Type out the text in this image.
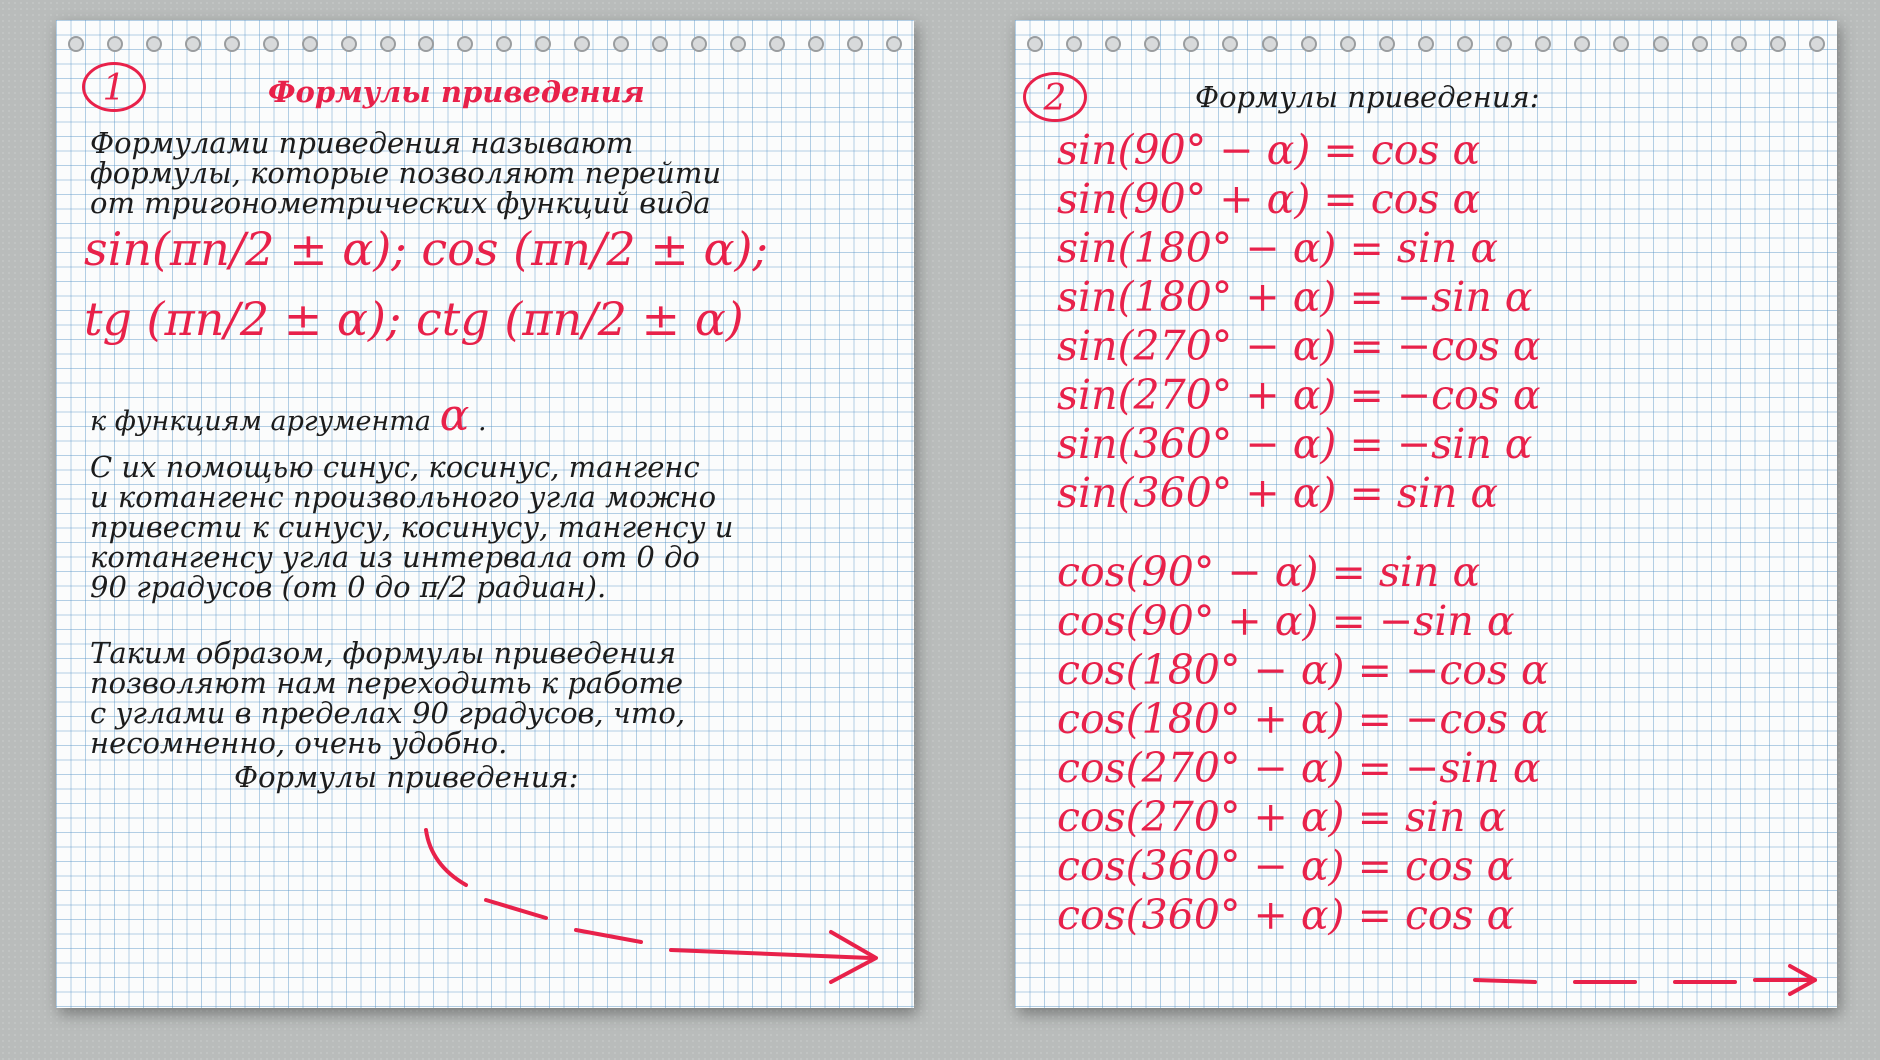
1	Формулы приведения

Формулами приведения называют

формулы, которые позволяют перейти

от тригонометрических функций вида

sin(πn/2 ± α); cos (πn/2 ± α);
tg (πn/2 ± α); ctg (πn/2 ± α)
к функциям аргумента α .

С их помощью синус, косинус, тангенс

и котангенс произвольного угла можно

привести к синусу, косинусу, тангенсу и

котангенсу угла из интервала от 0 до

90 градусов (от 0 до π/2 радиан).

Таким образом, формулы приведения

позволяют нам переходить к работе

с углами в пределах 90 градусов, что,

несомненно, очень удобно.

Формулы приведения:
2	Формулы приведения:
sin(90° − α) = cos α
sin(90° + α) = cos α
sin(180° − α) = sin α
sin(180° + α) = −sin α
sin(270° − α) = −cos α
sin(270° + α) = −cos α
sin(360° − α) = −sin α
sin(360° + α) = sin α
cos(90° − α) = sin α
cos(90° + α) = −sin α
cos(180° − α) = −cos α
cos(180° + α) = −cos α
cos(270° − α) = −sin α
cos(270° + α) = sin α
cos(360° − α) = cos α
cos(360° + α) = cos α
